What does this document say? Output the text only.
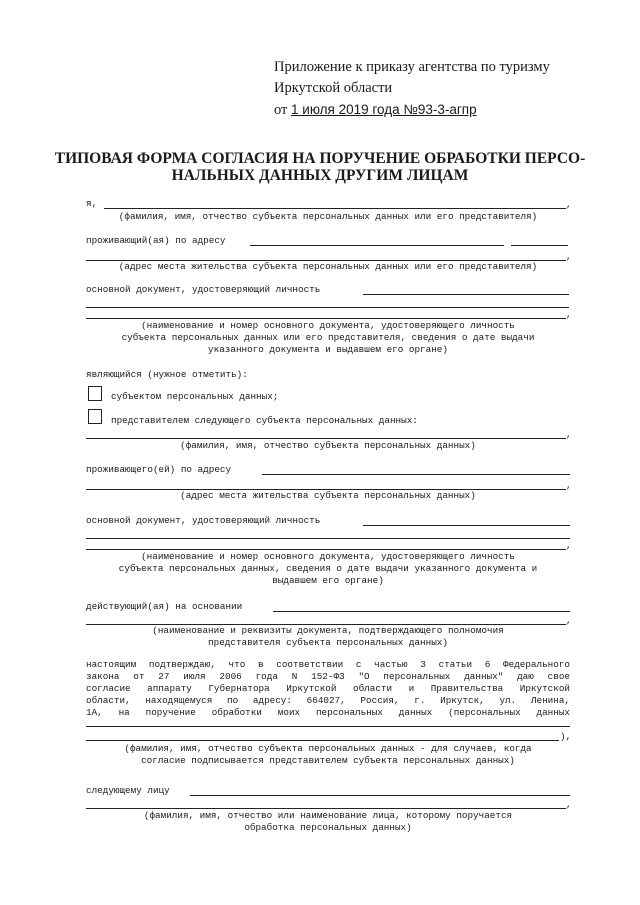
Приложение к приказу агентства по туризму
Иркутской области
от 1 июля 2019 года №93-3-агпр
ТИПОВАЯ ФОРМА СОГЛАСИЯ НА ПОРУЧЕНИЕ ОБРАБОТКИ ПЕРСО-
НАЛЬНЫХ ДАННЫХ ДРУГИМ ЛИЦАМ
я,	,
(фамилия, имя, отчество субъекта персональных данных или его представителя)
проживающий(ая) по адресу
,
(адрес места жительства субъекта персональных данных или его представителя)
основной документ, удостоверяющий личность
,
(наименование и номер основного документа, удостоверяющего личность
субъекта персональных данных или его представителя, сведения о дате выдачи
указанного документа и выдавшем его органе)
являющийся (нужное отметить):
субъектом персональных данных;
представителем следующего субъекта персональных данных:
,
(фамилия, имя, отчество субъекта персональных данных)
проживающего(ей) по адресу
,
(адрес места жительства субъекта персональных данных)
основной документ, удостоверяющий личность
,
(наименование и номер основного документа, удостоверяющего личность
субъекта персональных данных, сведения о дате выдачи указанного документа и
выдавшем его органе)
действующий(ая) на основании
,
(наименование и реквизиты документа, подтверждающего полномочия
представителя субъекта персональных данных)
настоящим подтверждаю, что в соответствии с частью 3 статьи 6 Федерального
закона от 27 июля 2006 года N 152-ФЗ "О персональных данных" даю свое
согласие аппарату Губернатора Иркутской области и Правительства Иркутской
области, находящемуся по адресу: 664027, Россия, г. Иркутск, ул. Ленина,
1А, на поручение обработки моих персональных данных (персональных данных
),
(фамилия, имя, отчество субъекта персональных данных - для случаев, когда
согласие подписывается представителем субъекта персональных данных)
следующему лицу
,
(фамилия, имя, отчество или наименование лица, которому поручается
обработка персональных данных)
